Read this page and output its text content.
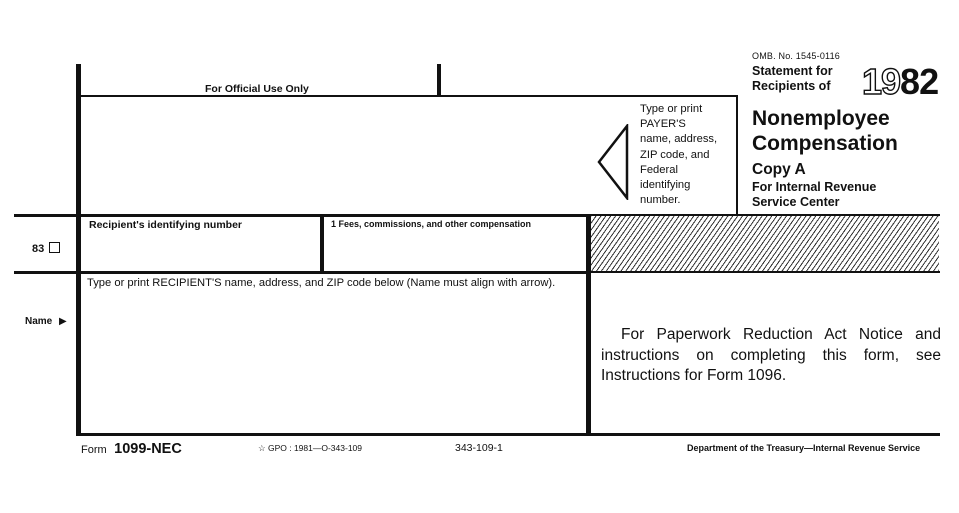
For Official Use Only
Type or print
PAYER'S
name, address,
ZIP code, and
Federal
identifying
number.
OMB. No. 1545-0116
Statement for
Recipients of 1982
Nonemployee
Compensation
Copy A
For Internal Revenue
Service Center
83
Recipient's identifying number	1 Fees, commissions, and other compensation
Type or print RECIPIENT'S name, address, and ZIP code below (Name must align with arrow).
Name ▶
For Paperwork Reduction Act Notice and instructions on completing this form, see Instructions for Form 1096.
Form 1099-NEC	☆ GPO : 1981—O-343-109	343-109-1	Department of the Treasury—Internal Revenue Service
